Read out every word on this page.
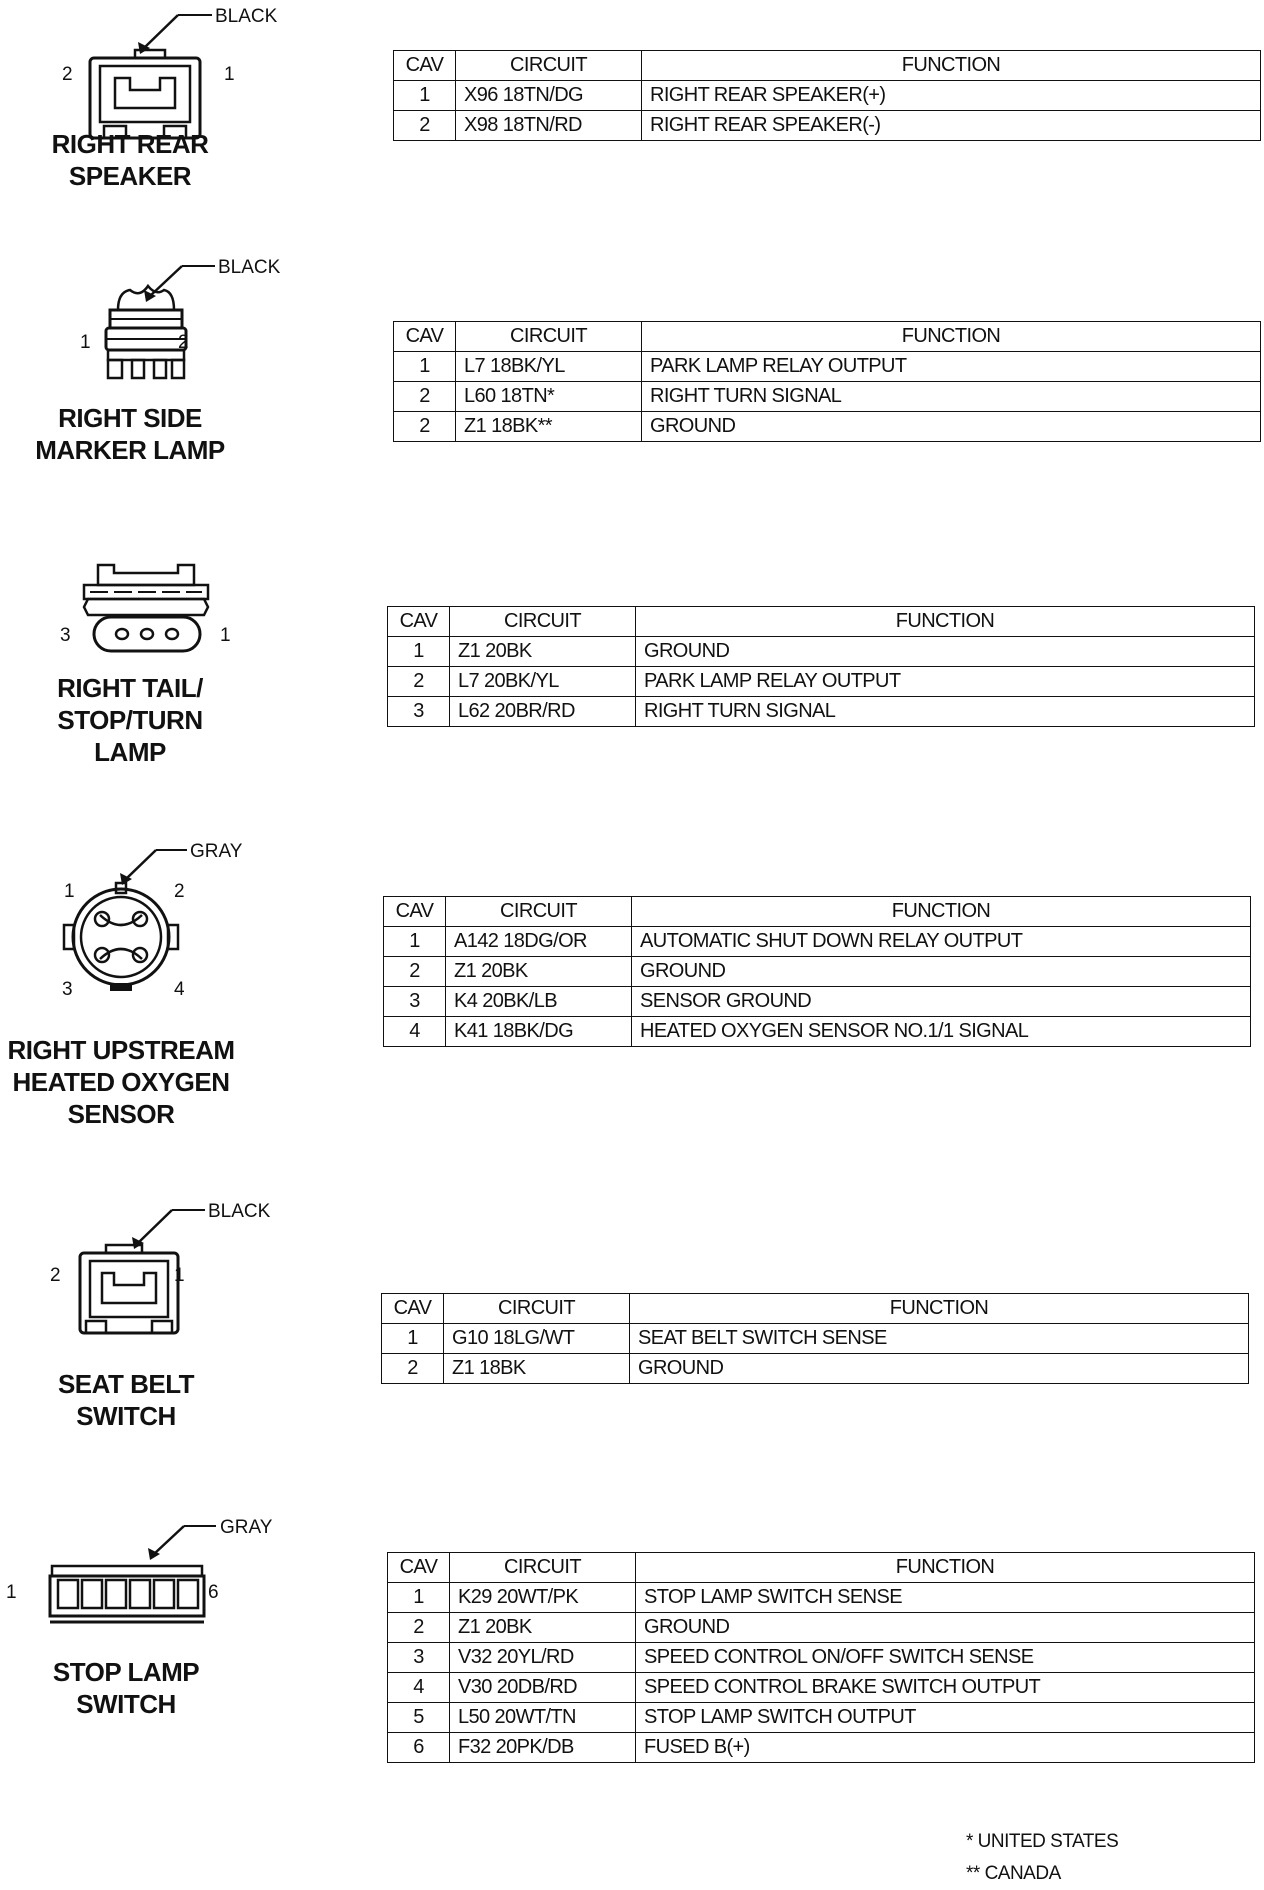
BLACK
2	1
RIGHT REAR
SPEAKER
CAV	CIRCUIT	FUNCTION
1	X96 18TN/DG	RIGHT REAR SPEAKER(+)
2	X98 18TN/RD	RIGHT REAR SPEAKER(-)
BLACK
1	2
RIGHT SIDE
MARKER LAMP
CAV	CIRCUIT	FUNCTION
1	L7 18BK/YL	PARK LAMP RELAY OUTPUT
2	L60 18TN*	RIGHT TURN SIGNAL
2	Z1 18BK**	GROUND
3	1
RIGHT TAIL/
STOP/TURN
LAMP
CAV	CIRCUIT	FUNCTION
1	Z1 20BK	GROUND
2	L7 20BK/YL	PARK LAMP RELAY OUTPUT
3	L62 20BR/RD	RIGHT TURN SIGNAL
GRAY
1	2
3	4
RIGHT UPSTREAM
HEATED OXYGEN
SENSOR
CAV	CIRCUIT	FUNCTION
1	A142 18DG/OR	AUTOMATIC SHUT DOWN RELAY OUTPUT
2	Z1 20BK	GROUND
3	K4 20BK/LB	SENSOR GROUND
4	K41 18BK/DG	HEATED OXYGEN SENSOR NO.1/1 SIGNAL
BLACK
2	1
SEAT BELT
SWITCH
CAV	CIRCUIT	FUNCTION
1	G10 18LG/WT	SEAT BELT SWITCH SENSE
2	Z1 18BK	GROUND
GRAY
1	6
STOP LAMP
SWITCH
CAV	CIRCUIT	FUNCTION
1	K29 20WT/PK	STOP LAMP SWITCH SENSE
2	Z1 20BK	GROUND
3	V32 20YL/RD	SPEED CONTROL ON/OFF SWITCH SENSE
4	V30 20DB/RD	SPEED CONTROL BRAKE SWITCH OUTPUT
5	L50 20WT/TN	STOP LAMP SWITCH OUTPUT
6	F32 20PK/DB	FUSED B(+)
* UNITED STATES
** CANADA
